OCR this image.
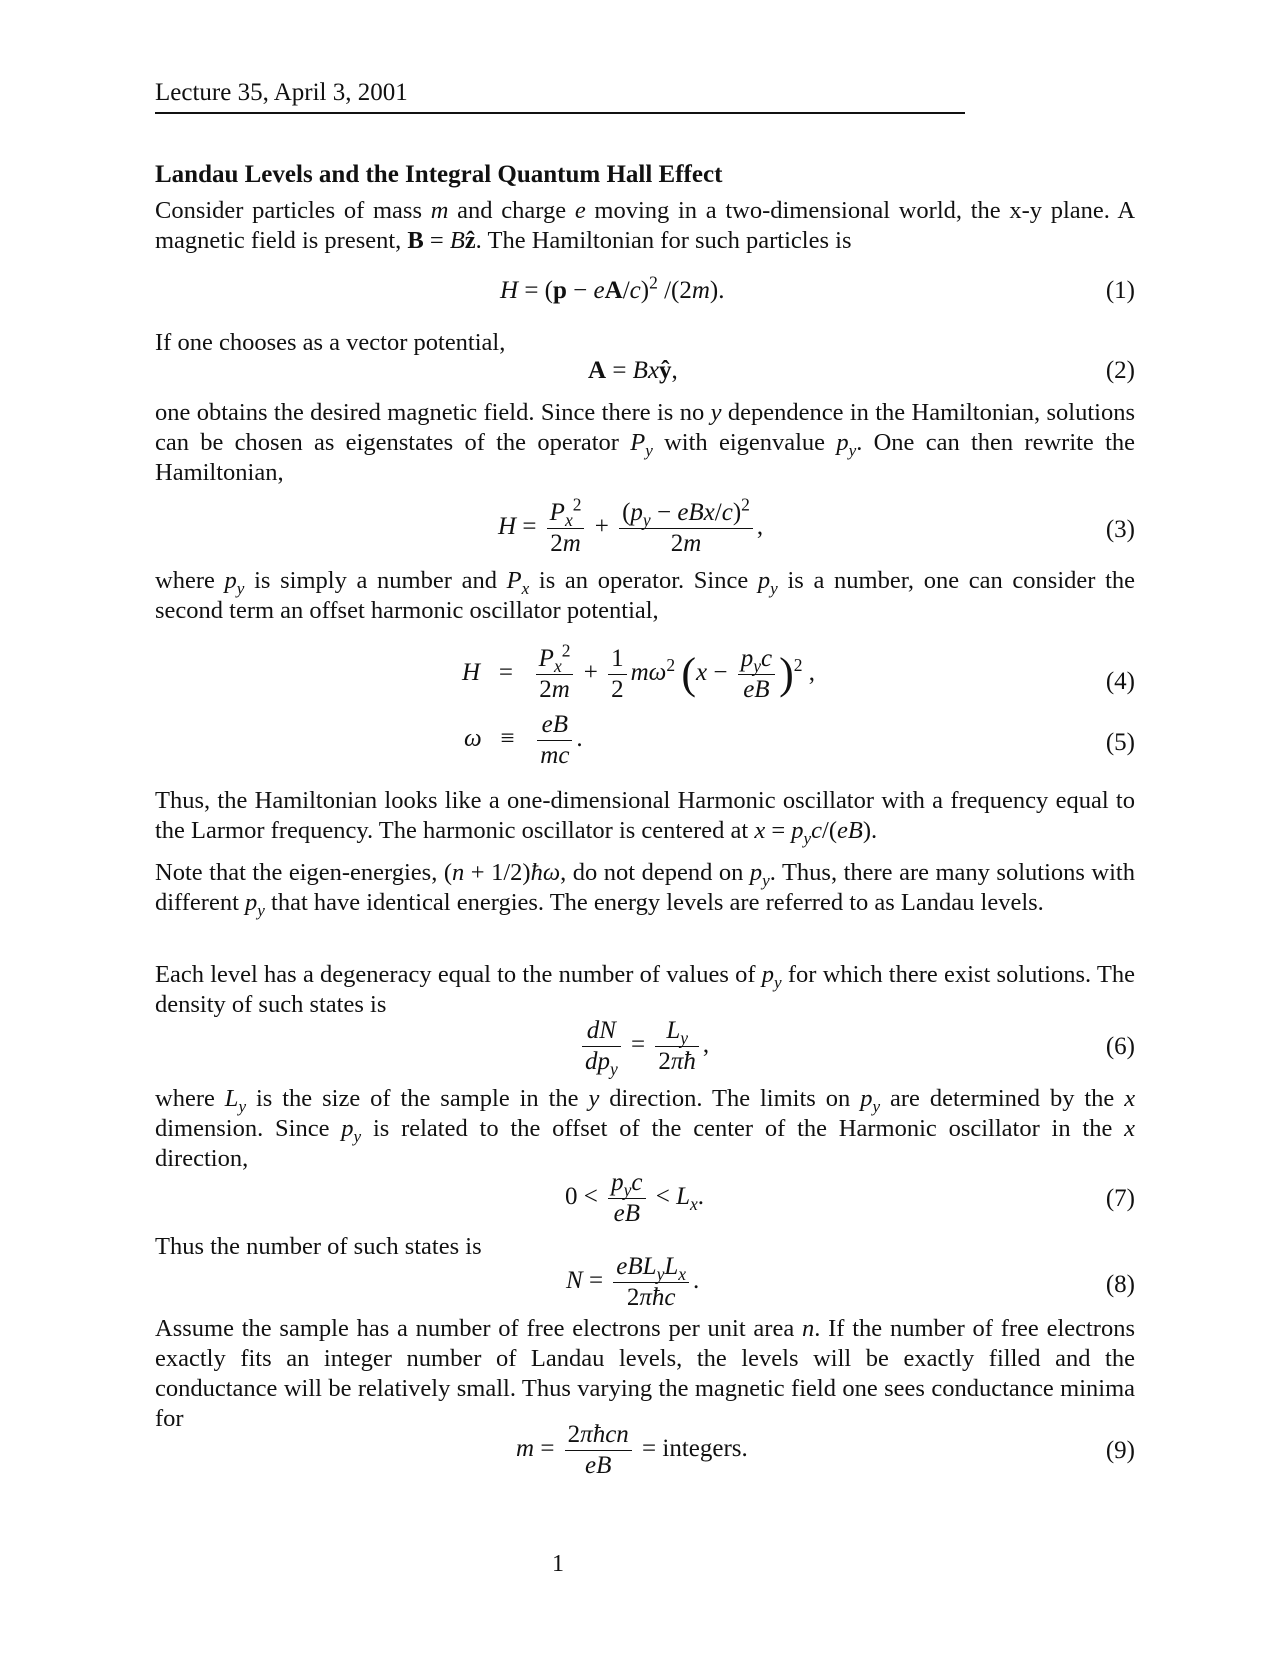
Lecture 35, April 3, 2001
Landau Levels and the Integral Quantum Hall Effect
Consider particles of mass m and charge e moving in a two-dimensional world, the x-y plane. A magnetic field is present, B = Bẑ. The Hamiltonian for such particles is
$H = (p - eA/c)^2$ /(2m).	(1)
If one chooses as a vector potential,
A = Bxŷ,	(2)
one obtains the desired magnetic field. Since there is no y dependence in the Hamiltonian, solutions can be chosen as eigenstates of the operator $P_y$ with eigenvalue $p_y$. One can then rewrite the Hamiltonian,
$H = \frac{P_x^2}{2m} + \frac{(p_y - eBx/c)^2}{2m}$ ,	(3)
where $p_y$ is simply a number and $P_x$ is an operator. Since $p_y$ is a number, one can consider the second term an offset harmonic oscillator potential,
$H = \frac{P_x^2}{2m} + \frac{1}{2} m\omega^2$ $(x - \frac{p_yc}{eB} )^2$ ,	(4)
$\omega \equiv \frac{eB}{mc}$ .	(5)
Thus, the Hamiltonian looks like a one-dimensional Harmonic oscillator with a frequency equal to the Larmor frequency. The harmonic oscillator is centered at $x = p_yc/(eB)$.
Note that the eigen-energies, (n + 1/2)ħω, do not depend on $p_y$. Thus, there are many solutions with different $p_y$ that have identical energies. The energy levels are referred to as Landau levels.
Each level has a degeneracy equal to the number of values of $p_y$ for which there exist solutions. The density of such states is
$\frac{dN}{dp_y} = \frac{L_y}{2\pi ħ}$ ,	(6)
where $L_y$ is the size of the sample in the y direction. The limits on $p_y$ are determined by the x dimension. Since $p_y$ is related to the offset of the center of the Harmonic oscillator in the x direction,
$0 < \frac{p_yc}{eB} < L_x$.	(7)
Thus the number of such states is
$N = \frac{eBL_yL_x}{\text{2πħc}}$ .	(8)
Assume the sample has a number of free electrons per unit area n. If the number of free electrons exactly fits an integer number of Landau levels, the levels will be exactly filled and the conductance will be relatively small. Thus varying the magnetic field one sees conductance minima for
$m = \frac{\text{2πħcn}}{eB}$ = integers.	(9)
1
